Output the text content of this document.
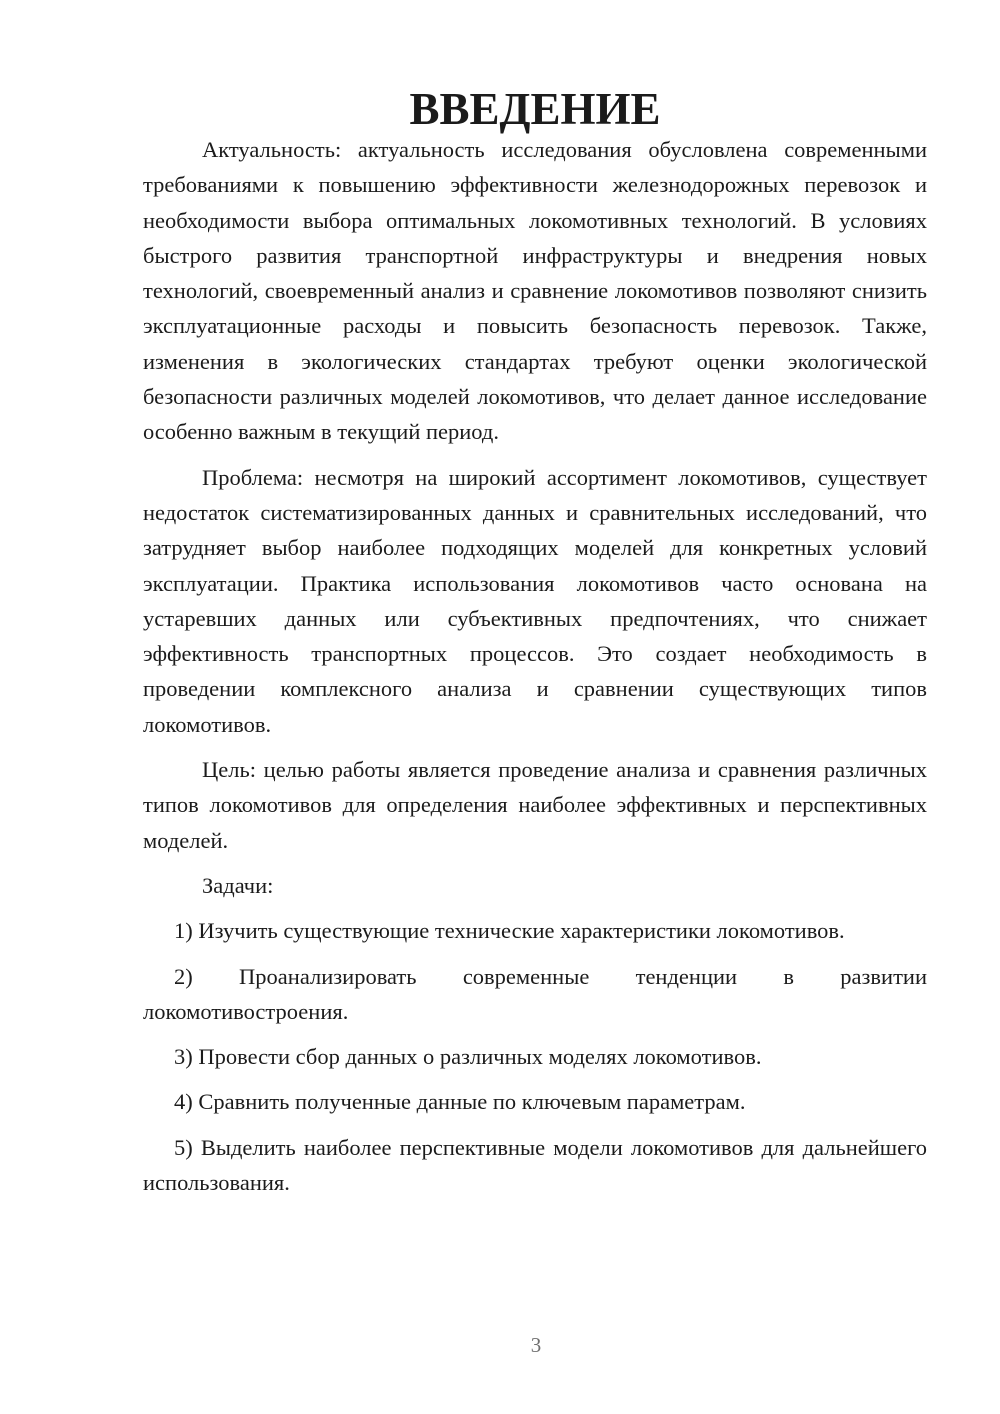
ВВЕДЕНИЕ

Актуальность: актуальность исследования обусловлена современными требованиями к повышению эффективности железнодорожных перевозок и необходимости выбора оптимальных локомотивных технологий. В условиях быстрого развития транспортной инфраструктуры и внедрения новых технологий, своевременный анализ и сравнение локомотивов позволяют снизить эксплуатационные расходы и повысить безопасность перевозок. Также, изменения в экологических стандартах требуют оценки экологической безопасности различных моделей локомотивов, что делает данное исследование особенно важным в текущий период.

Проблема: несмотря на широкий ассортимент локомотивов, существует недостаток систематизированных данных и сравнительных исследований, что затрудняет выбор наиболее подходящих моделей для конкретных условий эксплуатации. Практика использования локомотивов часто основана на устаревших данных или субъективных предпочтениях, что снижает эффективность транспортных процессов. Это создает необходимость в проведении комплексного анализа и сравнении существующих типов локомотивов.

Цель: целью работы является проведение анализа и сравнения различных типов локомотивов для определения наиболее эффективных и перспективных моделей.

Задачи:

1) Изучить существующие технические характеристики локомотивов.

2) Проанализировать современные тенденции в развитии локомотивостроения.

3) Провести сбор данных о различных моделях локомотивов.

4) Сравнить полученные данные по ключевым параметрам.

5) Выделить наиболее перспективные модели локомотивов для дальнейшего использования.

3
